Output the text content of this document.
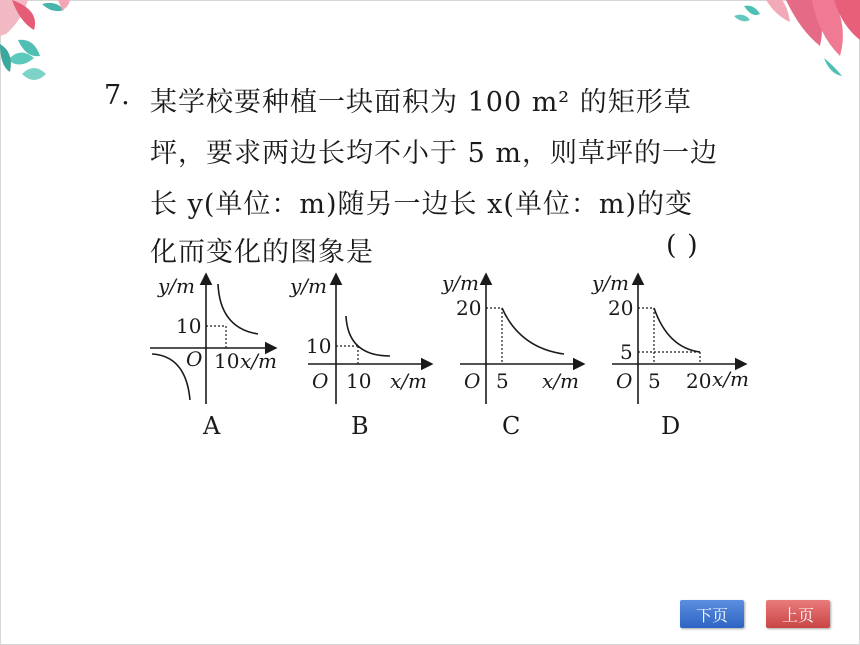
7. 某学校要种植一块面积为 100 m² 的矩形草
坪，要求两边长均不小于 5 m，则草坪的一边
长 y(单位：m)随另一边长 x(单位：m)的变
化而变化的图象是	( )
y/m
10
O 10 x/m
y/m
10
O 10 x/m
y/m
20
O 5 x/m
y/m
20
5
O 5 20 x/m
A	B	C	D
下页	上页
